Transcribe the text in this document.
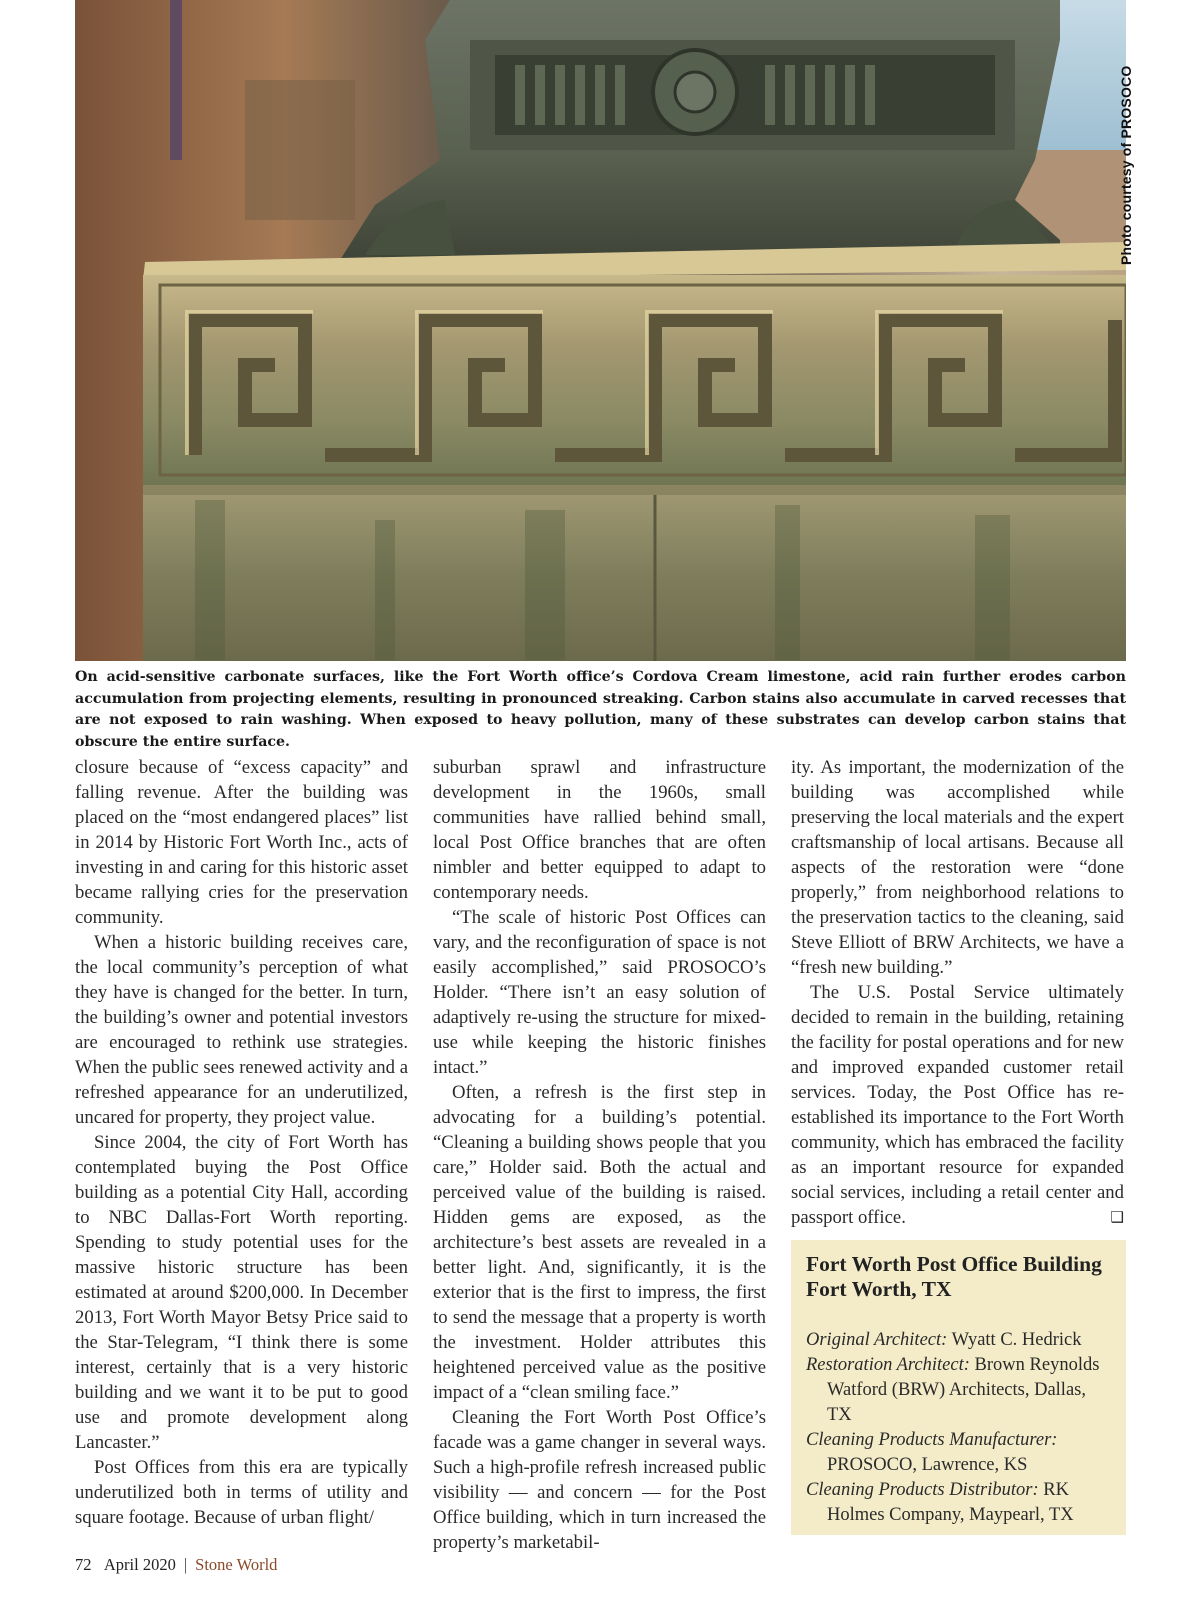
Photo courtesy of PROSOCO
On acid-sensitive carbonate surfaces, like the Fort Worth office’s Cordova Cream limestone, acid rain further erodes carbon accumulation from projecting elements, resulting in pronounced streaking. Carbon stains also accumulate in carved recesses that are not exposed to rain washing. When exposed to heavy pollution, many of these substrates can develop carbon stains that obscure the entire surface.

closure because of “excess capacity” and falling revenue. After the building was placed on the “most endangered places” list in 2014 by Historic Fort Worth Inc., acts of investing in and caring for this historic asset became rallying cries for the preservation community.

When a historic building receives care, the local community’s perception of what they have is changed for the better. In turn, the building’s owner and potential investors are encouraged to rethink use strategies. When the public sees renewed activity and a refreshed appearance for an underutilized, uncared for property, they project value.

Since 2004, the city of Fort Worth has contemplated buying the Post Office building as a potential City Hall, according to NBC Dallas-Fort Worth reporting. Spending to study potential uses for the massive historic structure has been estimated at around $200,000. In December 2013, Fort Worth Mayor Betsy Price said to the Star-Telegram, “I think there is some interest, certainly that is a very historic building and we want it to be put to good use and promote development along Lancaster.”

Post Offices from this era are typically underutilized both in terms of utility and square footage. Because of urban flight/

suburban sprawl and infrastructure development in the 1960s, small communities have rallied behind small, local Post Office branches that are often nimbler and better equipped to adapt to contemporary needs.

“The scale of historic Post Offices can vary, and the reconfiguration of space is not easily accomplished,” said PROSOCO’s Holder. “There isn’t an easy solution of adaptively re-using the structure for mixed-use while keeping the historic finishes intact.”

Often, a refresh is the first step in advocating for a building’s potential. “Cleaning a building shows people that you care,” Holder said. Both the actual and perceived value of the building is raised. Hidden gems are exposed, as the architecture’s best assets are revealed in a better light. And, significantly, it is the exterior that is the first to impress, the first to send the message that a property is worth the investment. Holder attributes this heightened perceived value as the positive impact of a “clean smiling face.”

Cleaning the Fort Worth Post Office’s facade was a game changer in several ways. Such a high-profile refresh increased public visibility — and concern — for the Post Office building, which in turn increased the property’s marketabil-

ity. As important, the modernization of the building was accomplished while preserving the local materials and the expert craftsmanship of local artisans. Because all aspects of the restoration were “done properly,” from neighborhood relations to the preservation tactics to the cleaning, said Steve Elliott of BRW Architects, we have a “fresh new building.”

The U.S. Postal Service ultimately decided to remain in the building, retaining the facility for postal operations and for new and improved expanded customer retail services. Today, the Post Office has re-established its importance to the Fort Worth community, which has embraced the facility as an important resource for expanded social services, including a retail center and passport office.	❑

Fort Worth Post Office Building
Fort Worth, TX
Original Architect: Wyatt C. Hedrick
Restoration Architect: Brown Reynolds Watford (BRW) Architects, Dallas, TX
Cleaning Products Manufacturer:
PROSOCO, Lawrence, KS
Cleaning Products Distributor: RK Holmes Company, Maypearl, TX
72 April 2020 | Stone World
